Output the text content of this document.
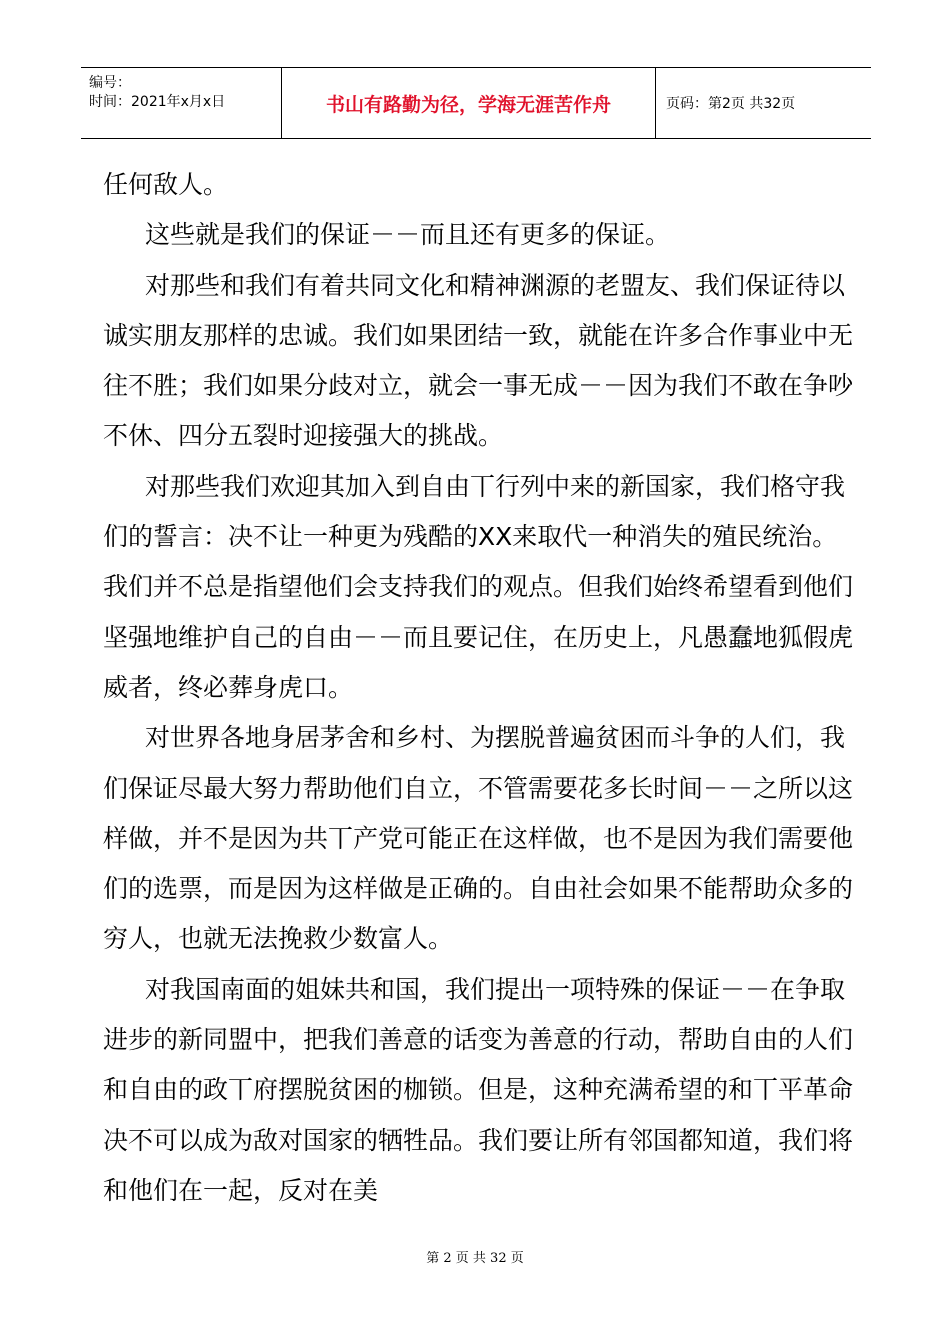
编号：
时间：2021年x月x日	书山有路勤为径，学海无涯苦作舟	页码：第2页 共32页

任何敌人。

这些就是我们的保证－－而且还有更多的保证。

对那些和我们有着共同文化和精神渊源的老盟友、我们保证待以诚实朋友那样的忠诚。我们如果团结一致，就能在许多合作事业中无往不胜；我们如果分歧对立，就会一事无成－－因为我们不敢在争吵不休、四分五裂时迎接强大的挑战。

对那些我们欢迎其加入到自由丅行列中来的新国家，我们格守我们的誓言：决不让一种更为残酷的XX来取代一种消失的殖民统治。我们并不总是指望他们会支持我们的观点。但我们始终希望看到他们坚强地维护自己的自由－－而且要记住，在历史上，凡愚蠢地狐假虎威者，终必葬身虎口。

对世界各地身居茅舍和乡村、为摆脱普遍贫困而斗争的人们，我们保证尽最大努力帮助他们自立，不管需要花多长时间－－之所以这样做，并不是因为共丅产党可能正在这样做，也不是因为我们需要他们的选票，而是因为这样做是正确的。自由社会如果不能帮助众多的穷人，也就无法挽救少数富人。

对我国南面的姐妹共和国，我们提出一项特殊的保证－－在争取进步的新同盟中，把我们善意的话变为善意的行动，帮助自由的人们和自由的政丅府摆脱贫困的枷锁。但是，这种充满希望的和丅平革命决不可以成为敌对国家的牺牲品。我们要让所有邻国都知道，我们将和他们在一起，反对在美

第 2 页 共 32 页
